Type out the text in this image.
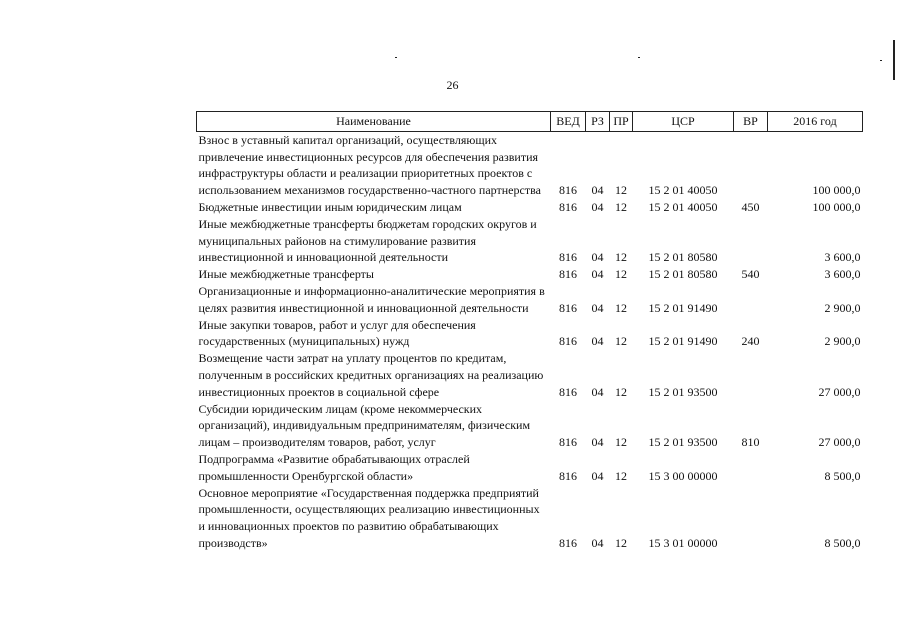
26
Наименование	ВЕД	РЗ	ПР	ЦСР	ВР	2016 год
Взнос в уставный капитал организаций, осуществляющих привлечение инвестиционных ресурсов для обеспечения развития инфраструктуры области и реализации приоритетных проектов с использованием механизмов государственно-частного партнерства	816	04	12	15 2 01 40050		100 000,0
Бюджетные инвестиции иным юридическим лицам	816	04	12	15 2 01 40050	450	100 000,0
Иные межбюджетные трансферты бюджетам городских округов и муниципальных районов на стимулирование развития инвестиционной и инновационной деятельности	816	04	12	15 2 01 80580		3 600,0
Иные межбюджетные трансферты	816	04	12	15 2 01 80580	540	3 600,0
Организационные и информационно-аналитические мероприятия в целях развития инвестиционной и инновационной деятельности	816	04	12	15 2 01 91490		2 900,0
Иные закупки товаров, работ и услуг для обеспечения государственных (муниципальных) нужд	816	04	12	15 2 01 91490	240	2 900,0
Возмещение части затрат на уплату процентов по кредитам, полученным в российских кредитных организациях на реализацию инвестиционных проектов в социальной сфере	816	04	12	15 2 01 93500		27 000,0
Субсидии юридическим лицам (кроме некоммерческих организаций), индивидуальным предпринимателям, физическим лицам – производителям товаров, работ, услуг	816	04	12	15 2 01 93500	810	27 000,0
Подпрограмма «Развитие обрабатывающих отраслей промышленности Оренбургской области»	816	04	12	15 3 00 00000		8 500,0
Основное мероприятие «Государственная поддержка предприятий промышленности, осуществляющих реализацию инвестиционных и инновационных проектов по развитию обрабатывающих производств»	816	04	12	15 3 01 00000		8 500,0
